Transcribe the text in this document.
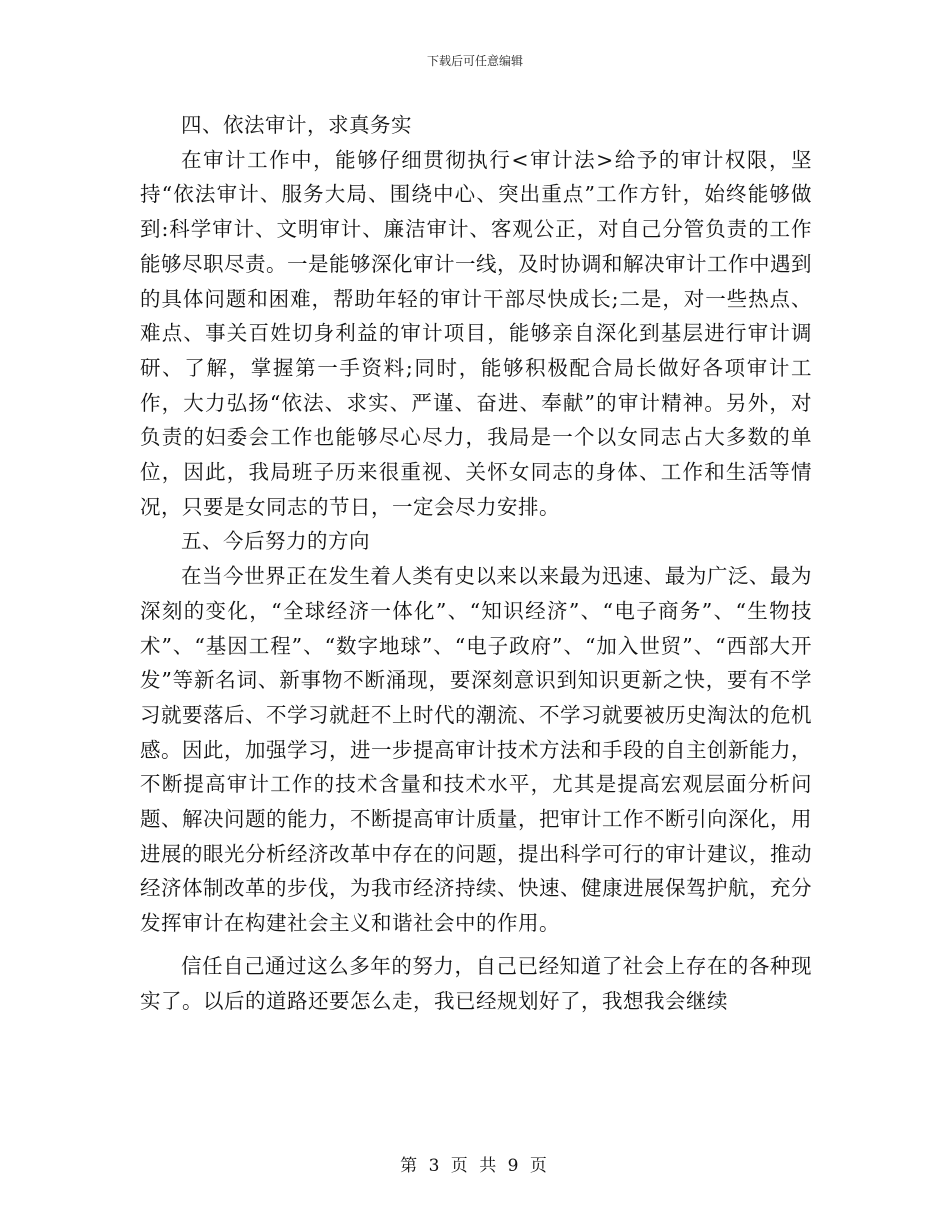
下载后可任意编辑

四、依法审计，求真务实

在审计工作中，能够仔细贯彻执行<审计法>给予的审计权限，坚持“依法审计、服务大局、围绕中心、突出重点”工作方针，始终能够做到:科学审计、文明审计、廉洁审计、客观公正，对自己分管负责的工作能够尽职尽责。一是能够深化审计一线，及时协调和解决审计工作中遇到的具体问题和困难，帮助年轻的审计干部尽快成长;二是，对一些热点、难点、事关百姓切身利益的审计项目，能够亲自深化到基层进行审计调研、了解，掌握第一手资料;同时，能够积极配合局长做好各项审计工作，大力弘扬“依法、求实、严谨、奋进、奉献”的审计精神。另外，对负责的妇委会工作也能够尽心尽力，我局是一个以女同志占大多数的单位，因此，我局班子历来很重视、关怀女同志的身体、工作和生活等情况，只要是女同志的节日，一定会尽力安排。

五、今后努力的方向

在当今世界正在发生着人类有史以来以来最为迅速、最为广泛、最为深刻的变化，“全球经济一体化”、“知识经济”、“电子商务”、“生物技术”、“基因工程”、“数字地球”、“电子政府”、“加入世贸”、“西部大开发”等新名词、新事物不断涌现，要深刻意识到知识更新之快，要有不学习就要落后、不学习就赶不上时代的潮流、不学习就要被历史淘汰的危机感。因此，加强学习，进一步提高审计技术方法和手段的自主创新能力，不断提高审计工作的技术含量和技术水平，尤其是提高宏观层面分析问题、解决问题的能力，不断提高审计质量，把审计工作不断引向深化，用进展的眼光分析经济改革中存在的问题，提出科学可行的审计建议，推动经济体制改革的步伐，为我市经济持续、快速、健康进展保驾护航，充分发挥审计在构建社会主义和谐社会中的作用。

信任自己通过这么多年的努力，自己已经知道了社会上存在的各种现实了。以后的道路还要怎么走，我已经规划好了，我想我会继续

第 3 页 共 9 页
